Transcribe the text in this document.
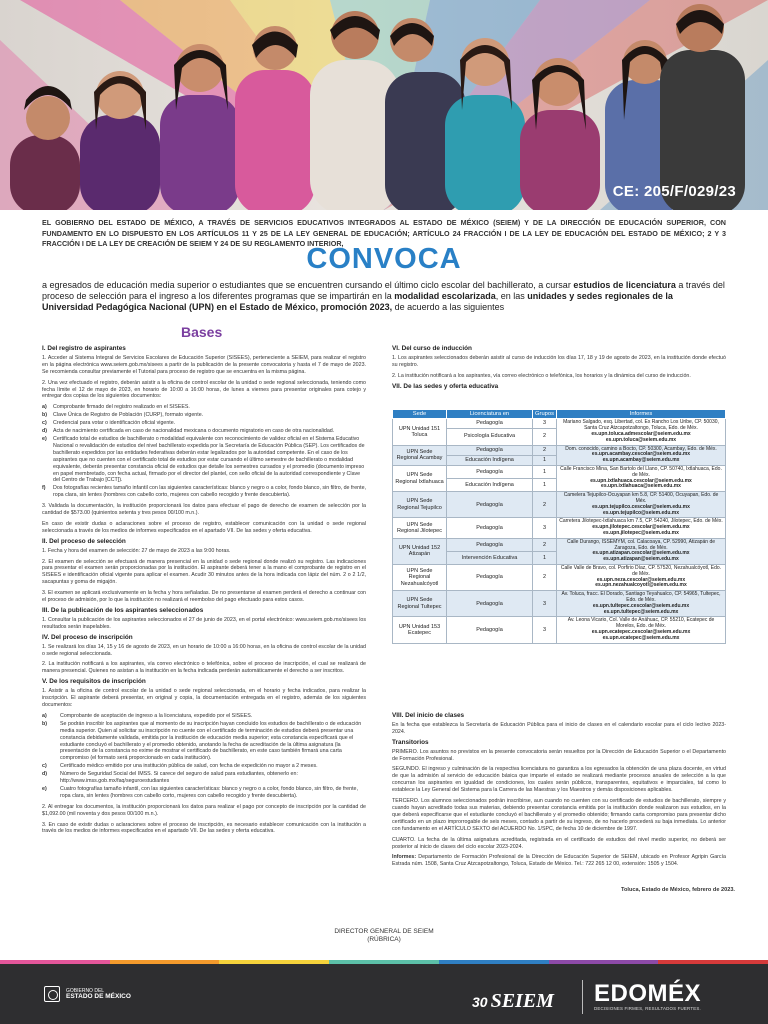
CE: 205/F/029/23
EL GOBIERNO DEL ESTADO DE MÉXICO, A TRAVÉS DE SERVICIOS EDUCATIVOS INTEGRADOS AL ESTADO DE MÉXICO (SEIEM) Y DE LA DIRECCIÓN DE EDUCACIÓN SUPERIOR, CON FUNDAMENTO EN LO DISPUESTO EN LOS ARTÍCULOS 11 Y 25 DE LA LEY GENERAL DE EDUCACIÓN; ARTÍCULO 24 FRACCIÓN I DE LA LEY DE EDUCACIÓN DEL ESTADO DE MÉXICO; 2 Y 3 FRACCIÓN I DE LA LEY DE CREACIÓN DE SEIEM Y 24 DE SU REGLAMENTO INTERIOR,
CONVOCA
a egresados de educación media superior o estudiantes que se encuentren cursando el último ciclo escolar del bachillerato, a cursar estudios de licenciatura a través del proceso de selección para el ingreso a los diferentes programas que se impartirán en la modalidad escolarizada, en las unidades y sedes regionales de la Universidad Pedagógica Nacional (UPN) en el Estado de México, promoción 2023, de acuerdo a las siguientes
Bases
I. Del registro de aspirantes
1. Acceder al Sistema Integral de Servicios Escolares de Educación Superior (SISEES), perteneciente a SEIEM, para realizar el registro en la página electrónica www.seiem.gob.mx/sisees a partir de la publicación de la presente convocatoria y hasta el 7 de mayo de 2023. Se recomienda consultar previamente el Tutorial para proceso de registro que se encuentra en la misma página.
2. Una vez efectuado el registro, deberán asistir a la oficina de control escolar de la unidad o sede regional seleccionada, teniendo como fecha límite el 12 de mayo de 2023, en horario de 10:00 a 16:00 horas, de lunes a viernes para presentar originales para cotejo y entregar dos copias de los siguientes documentos:
a)	Comprobante firmado del registro realizado en el SISEES.
b)	Clave Única de Registro de Población (CURP), formato vigente.
c)	Credencial para votar o identificación oficial vigente.
d)	Acta de nacimiento certificada en caso de nacionalidad mexicana o documento migratorio en caso de otra nacionalidad.
e)	Certificado total de estudios de bachillerato o modalidad equivalente con reconocimiento de validez oficial en el Sistema Educativo Nacional o revalidación de estudios del nivel bachillerato expedida por la Secretaría de Educación Pública (SEP). Los certificados de bachillerato expedidos por las entidades federativas deberán estar legalizados por la autoridad competente. En el caso de los aspirantes que no cuenten con el certificado total de estudios por estar cursando el último semestre de bachillerato o modalidad equivalente, deberán presentar constancia oficial de estudios que detalle los semestres cursados y el promedio (documento impreso en papel membretado, con fecha actual, firmado por el director del plantel, con sello oficial de la autoridad correspondiente y Clave del Centro de Trabajo [CCT]).
f)	Dos fotografías recientes tamaño infantil con las siguientes características: blanco y negro o a color, fondo blanco, sin filtro, de frente, ropa clara, sin lentes (hombres con cabello corto, mujeres con cabello recogido y frente descubierta).
3. Validada la documentación, la institución proporcionará los datos para efectuar el pago de derecho de examen de selección por la cantidad de $573.00 (quinientos setenta y tres pesos 00/100 m.n.).
En caso de existir dudas o aclaraciones sobre el proceso de registro, establecer comunicación con la unidad o sede regional seleccionada a través de los medios de informes especificados en el apartado VII. De las sedes y oferta educativa.
II. Del proceso de selección
1. Fecha y hora del examen de selección: 27 de mayo de 2023 a las 9:00 horas.
2. El examen de selección se efectuará de manera presencial en la unidad o sede regional donde realizó su registro. Las indicaciones para presentar el examen serán proporcionadas por la institución. El aspirante deberá tener a la mano el comprobante de registro en el SISEES e identificación oficial vigente para aplicar el examen. Acudir 30 minutos antes de la hora indicada con lápiz del núm. 2 o 2 1/2, sacapuntas y goma de migajón.
3. El examen se aplicará exclusivamente en la fecha y hora señaladas. De no presentarse al examen perderá el derecho a continuar con el proceso de admisión, por lo que la institución no realizará el reembolso del pago efectuado para estos casos.
III. De la publicación de los aspirantes seleccionados
1. Consultar la publicación de los aspirantes seleccionados el 27 de junio de 2023, en el portal electrónico: www.seiem.gob.mx/sisees los resultados serán inapelables.
IV. Del proceso de inscripción
1. Se realizará los días 14, 15 y 16 de agosto de 2023, en un horario de 10:00 a 16:00 horas, en la oficina de control escolar de la unidad o sede regional seleccionada.
2. La institución notificará a los aspirantes, vía correo electrónico o telefónica, sobre el proceso de inscripción, el cual se realizará de manera presencial. Quienes no asistan a la institución en la fecha indicada perderán automáticamente el derecho a ser inscritos.
V. De los requisitos de inscripción
1. Asistir a la oficina de control escolar de la unidad o sede regional seleccionada, en el horario y fecha indicados, para realizar la inscripción. El aspirante deberá presentar, en original y copia, la documentación entregada en el registro, además de los siguientes documentos:
a)	Comprobante de aceptación de ingreso a la licenciatura, expedido por el SISEES.
b)	Se podrán inscribir los aspirantes que al momento de su inscripción hayan concluido los estudios de bachillerato o de educación media superior. Quien al solicitar su inscripción no cuente con el certificado de terminación de estudios deberá presentar una constancia debidamente validada, emitida por la institución de educación media superior; esta constancia especificará que el estudiante concluyó el bachillerato y el promedio obtenido, anotando la fecha de acreditación de la última asignatura (la presentación de la constancia no exime de mostrar el certificado de bachillerato, en este caso también firmará una carta compromiso (el formato será proporcionado en cada institución).
c)	Certificado médico emitido por una institución pública de salud, con fecha de expedición no mayor a 2 meses.
d)	Número de Seguridad Social del IMSS. Si carece del seguro de salud para estudiantes, obtenerlo en: http://www.imss.gob.mx/faq/seguroestudiantes
e)	Cuatro fotografías tamaño infantil, con las siguientes características: blanco y negro o a color, fondo blanco, sin filtro, de frente, ropa clara, sin lentes (hombres con cabello corto, mujeres con cabello recogido y frente descubierta).
2. Al entregar los documentos, la institución proporcionará los datos para realizar el pago por concepto de inscripción por la cantidad de $1,092.00 (mil noventa y dos pesos 00/100 m.n.).
3. En caso de existir dudas o aclaraciones sobre el proceso de inscripción, es necesario establecer comunicación con la institución a través de los medios de informes especificados en el apartado VII. De las sedes y oferta educativa.
VI. Del curso de inducción
1. Los aspirantes seleccionados deberán asistir al curso de inducción los días 17, 18 y 19 de agosto de 2023, en la institución donde efectuó su registro.
2. La institución notificará a los aspirantes, vía correo electrónico o telefónica, los horarios y la dinámica del curso de inducción.
VII. De las sedes y oferta educativa
Sede	Licenciatura en	Grupos	Informes
UPN Unidad 151 Toluca	Pedagogía	3	Mariano Salgado, esq. Libertad, col. Ex Rancho Los Uribe, CP. 50030, Santa Cruz Atzcapotzaltongo, Toluca, Edo. de Méx.
es.upn.toluca.admescolar@seiem.edu.mx
es.upn.toluca@seiem.edu.mx
	Psicología Educativa	2	
UPN Sede Regional Acambay	Pedagogía	2	Dom. conocido, camino a Bocto, CP. 50300, Acambay, Edo. de Méx.
es.upn.acambay.cescolar@seiem.edu.mx
es.upn.acambay@seiem.edu.mx
	Educación Indígena	1	
UPN Sede Regional Ixtlahuaca	Pedagogía	1	Calle Francisco Mina, San Bartolo del Llano, CP. 50740, Ixtlahuaca, Edo. de Méx.
es.upn.ixtlahuaca.cescolar@seiem.edu.mx
es.upn.ixtlahuaca@seiem.edu.mx
	Educación Indígena	1	
UPN Sede Regional Tejupilco	Pedagogía	2	Camelera Tejupilco-Ocuyapan km 5.8, CP. 51400, Ocuyapan, Edo. de Méx.
es.upn.tejupilco.cescolar@seiem.edu.mx
es.upn.tejupilco@seiem.edu.mx
UPN Sede Regional Jilotepec	Pedagogía	3	Carretera Jilotepec-Ixtlahuaca km 7.5, CP. 54240, Jilotepec, Edo. de Méx.
es.upn.jilotepec.cescolar@seiem.edu.mx
es.upn.jilotepec@seiem.edu.mx
UPN Unidad 152 Atizapán	Pedagogía	2	Calle Durango, ISSEMYM, col. Calacoaya, CP. 52990, Atizapán de Zaragoza, Edo. de Méx.
es.upn.atizapan.cescolar@seiem.edu.mx
es.upn.atizapan@seiem.edu.mx
	Intervención Educativa	1	
UPN Sede Regional Nezahualcóyotl	Pedagogía	2	Calle Valle de Bravo, col. Porfirio Díaz, CP. 57520, Nezahualcóyotl, Edo. de Méx.
es.upn.neza.cescolar@seiem.edu.mx
es.upn.nezahualcoyotl@seiem.edu.mx
UPN Sede Regional Tultepec	Pedagogía	3	Av. Toluca, fracc. El Dorado, Santiago Teyahualco, CP. 54965, Tultepec, Edo. de Méx.
es.upn.tultepec.cescolar@seiem.edu.mx
es.upn.tultepec@seiem.edu.mx
UPN Unidad 153 Ecatepec	Pedagogía	3	Av. Leona Vicario, Col. Valle de Anáhuac, CP. 55210, Ecatepec de Morelos, Edo. de Méx.
es.upn.ecatepec.cescolar@seiem.edu.mx
es.upn.ecatepec@seiem.edu.mx
VIII. Del inicio de clases
En la fecha que establezca la Secretaría de Educación Pública para el inicio de clases en el calendario escolar para el ciclo lectivo 2023-2024.
Transitorios
PRIMERO. Los asuntos no previstos en la presente convocatoria serán resueltos por la Dirección de Educación Superior o el Departamento de Formación Profesional.
SEGUNDO. El ingreso y culminación de la respectiva licenciatura no garantiza a los egresados la obtención de una plaza docente, en virtud de que la admisión al servicio de educación básica que imparte el estado se realizará mediante procesos anuales de selección a la que concurran los aspirantes en igualdad de condiciones, los cuales serán públicos, transparentes, equitativos e imparciales, tal como lo establece la Ley General del Sistema para la Carrera de las Maestras y los Maestros y demás disposiciones aplicables.
TERCERO. Los alumnos seleccionados podrán inscribirse, aun cuando no cuenten con su certificado de estudios de bachillerato, siempre y cuando hayan acreditado todas sus materias, debiendo presentar constancia emitida por la institución donde realizaron sus estudios, en la que deberá especificarse que el estudiante concluyó el bachillerato y el promedio obtenido; firmando carta compromiso para presentar dicho certificado en un plazo improrrogable de seis meses, contado a partir de su ingreso, de no hacerlo procederá su baja inmediata. Lo anterior con fundamento en el ARTÍCULO SEXTO del ACUERDO No. 1/SPC, de fecha 10 de diciembre de 1997.
CUARTO. La fecha de la última asignatura acreditada, registrada en el certificado de estudios del nivel medio superior, no deberá ser posterior al inicio de clases del ciclo escolar 2023-2024.
Informes: Departamento de Formación Profesional de la Dirección de Educación Superior de SEIEM, ubicado en Profesor Agripin García Estrada núm. 1508, Santa Cruz Atzcapotzaltongo, Toluca, Estado de México. Tel.: 722 265 12 00, extensión: 1505 y 1504.
Toluca, Estado de México, febrero de 2023.
DIRECTOR GENERAL DE SEIEM
(RÚBRICA)
GOBIERNO DEL
ESTADO DE MÉXICO	30 SEIEM EDOMÉX
DECISIONES FIRMES, RESULTADOS FUERTES.
